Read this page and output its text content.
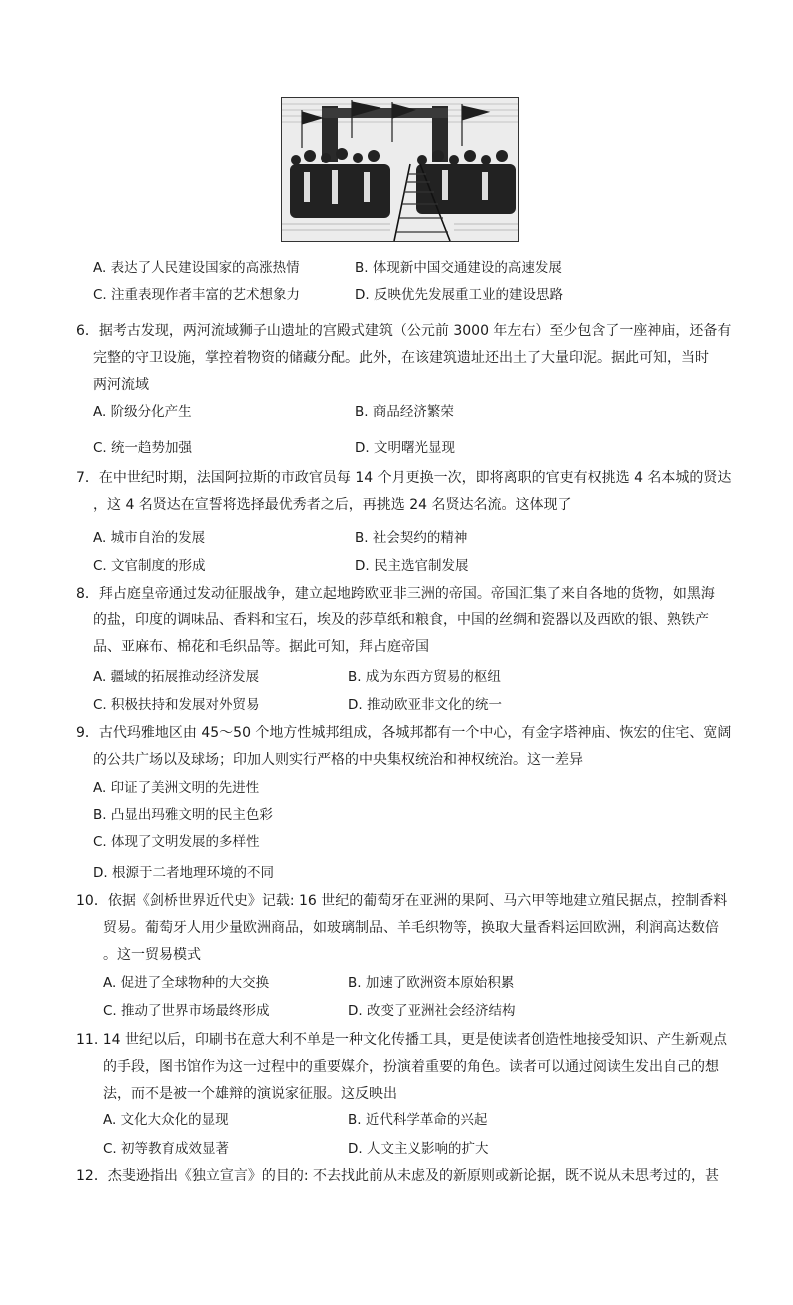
A. 表达了人民建设国家的高涨热情	B. 体现新中国交通建设的高速发展
C. 注重表现作者丰富的艺术想象力	D. 反映优先发展重工业的建设思路
6．据考古发现，两河流域狮子山遗址的宫殿式建筑（公元前 3000 年左右）至少包含了一座神庙，还备有
完整的守卫设施，掌控着物资的储藏分配。此外，在该建筑遗址还出土了大量印泥。据此可知，当时
两河流域
A. 阶级分化产生	B. 商品经济繁荣
C. 统一趋势加强	D. 文明曙光显现
7．在中世纪时期，法国阿拉斯的市政官员每 14 个月更换一次，即将离职的官吏有权挑选 4 名本城的贤达
，这 4 名贤达在宣誓将选择最优秀者之后，再挑选 24 名贤达名流。这体现了
A. 城市自治的发展	B. 社会契约的精神
C. 文官制度的形成	D. 民主选官制发展
8．拜占庭皇帝通过发动征服战争，建立起地跨欧亚非三洲的帝国。帝国汇集了来自各地的货物，如黑海
的盐，印度的调味品、香料和宝石，埃及的莎草纸和粮食，中国的丝绸和瓷器以及西欧的银、熟铁产
品、亚麻布、棉花和毛织品等。据此可知，拜占庭帝国
A. 疆域的拓展推动经济发展	B. 成为东西方贸易的枢纽
C. 积极扶持和发展对外贸易	D. 推动欧亚非文化的统一
9．古代玛雅地区由 45～50 个地方性城邦组成，各城邦都有一个中心，有金字塔神庙、恢宏的住宅、宽阔
的公共广场以及球场；印加人则实行严格的中央集权统治和神权统治。这一差异
A. 印证了美洲文明的先进性
B. 凸显出玛雅文明的民主色彩
C. 体现了文明发展的多样性
D. 根源于二者地理环境的不同
10．依据《剑桥世界近代史》记载: 16 世纪的葡萄牙在亚洲的果阿、马六甲等地建立殖民据点，控制香料
贸易。葡萄牙人用少量欧洲商品，如玻璃制品、羊毛织物等，换取大量香料运回欧洲，利润高达数倍
。这一贸易模式
A. 促进了全球物种的大交换	B. 加速了欧洲资本原始积累
C. 推动了世界市场最终形成	D. 改变了亚洲社会经济结构
11. 14 世纪以后，印刷书在意大利不单是一种文化传播工具，更是使读者创造性地接受知识、产生新观点
的手段，图书馆作为这一过程中的重要媒介，扮演着重要的角色。读者可以通过阅读生发出自己的想
法，而不是被一个雄辩的演说家征服。这反映出
A. 文化大众化的显现	B. 近代科学革命的兴起
C. 初等教育成效显著	D. 人文主义影响的扩大
12．杰斐逊指出《独立宣言》的目的: 不去找此前从未虑及的新原则或新论据，既不说从未思考过的，甚
